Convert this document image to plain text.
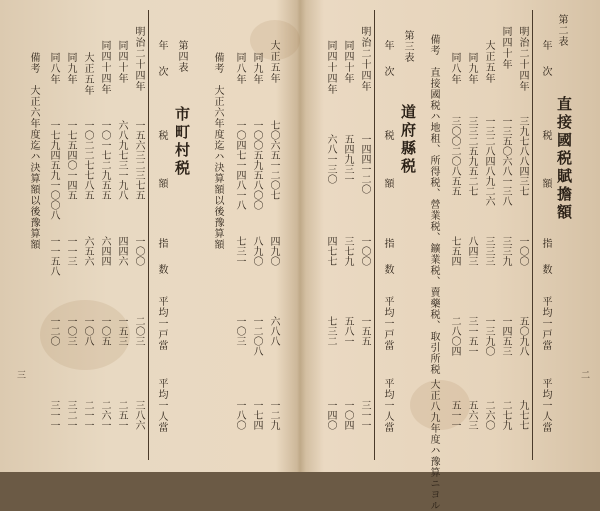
二
第二表
直接國税賦擔額
年
次
税
額
指
数
平均一戸當
平均一人當
明治二十四年
三九七八八四三七
一〇〇
五〇九八
九七七
同四十年
一三五〇六八一三八
三三九
一四五三
二七九
大正五年
一三二八四八九二六
三三三
一三九〇
二六〇
同九年
三三二五九五二七
八四三
三一五一
五六三
同八年
三〇〇二〇八五五
七五四
二八〇四
五一一
備考　直接國税ハ地租、所得税、營業税、鑛業税、賣藥税、取引所税 大正八九年度ハ豫算ニヨル
第三表
道府縣税
年
次
税
額
指
数
平均一戸當
平均一人當
明治二十四年
一四四一二〇
一〇〇
一五五
三一一
同四十年
五四九三一
三七九
五八一
一〇四
同四十四年
六八一三〇
四七七
七三二
一四〇
三
大正五年
七〇六五一二〇七
四九〇
六八八
一二九
同九年
一〇〇五九五八〇〇
八九〇
一二〇八
一七四
同八年
一〇四七一四八一八
七三一
一〇三
一八〇
備考　大正六年度迄ハ決算額以後豫算額
第四表
市町村税
年
次
税
額
指
数
平均一戸當
平均一人當
明治二十四年
一五六三二三七五
一〇〇
二〇三
三八六
同四十年
六八九七三一九八
四四六
一五三
二五一
同四十四年
一〇一七二九五五
六四四
一〇五
二六一
大正五年
一〇二二七七八五
六五六
一〇八
二一一
同九年
一七五四〇一四五
一一三
一〇三
三二一
同八年
一七九四五九一〇〇八
一一五八
一二〇
三一一
備考　大正六年度迄ハ決算額以後豫算額
